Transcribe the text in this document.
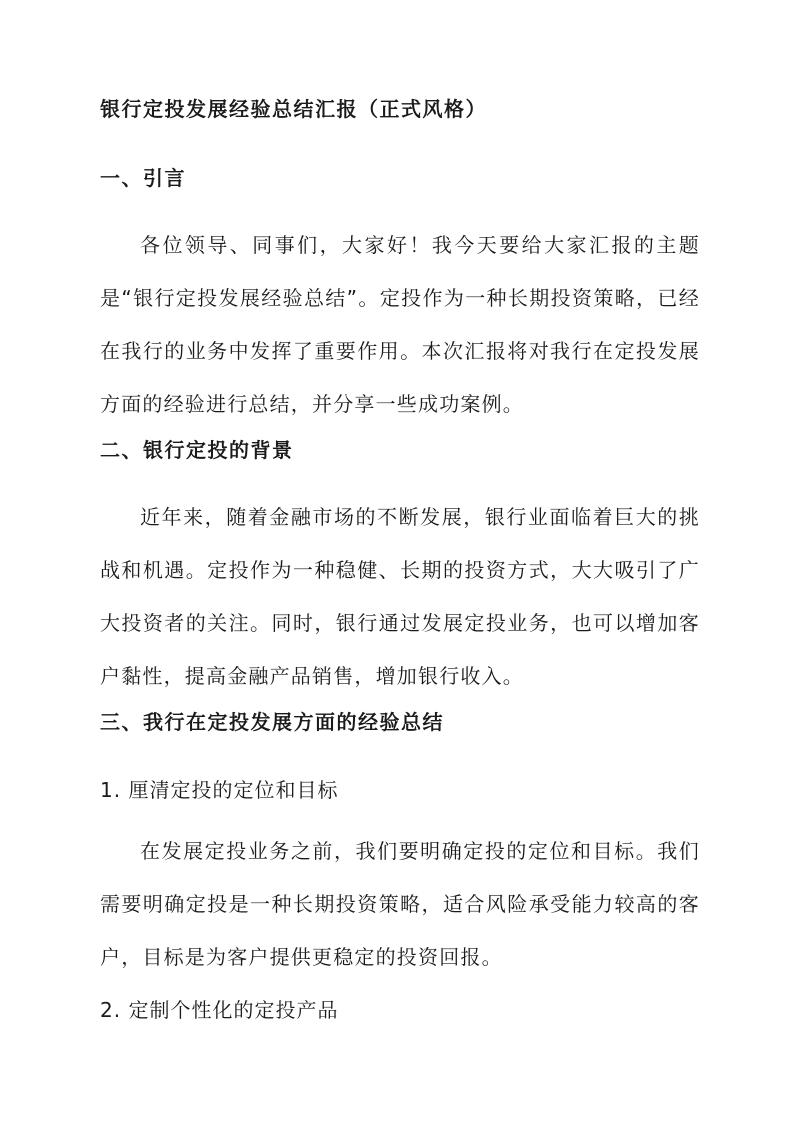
银行定投发展经验总结汇报（正式风格）
一、引言

各位领导、同事们，大家好！我今天要给大家汇报的主题是“银行定投发展经验总结”。定投作为一种长期投资策略，已经在我行的业务中发挥了重要作用。本次汇报将对我行在定投发展方面的经验进行总结，并分享一些成功案例。

二、银行定投的背景

近年来，随着金融市场的不断发展，银行业面临着巨大的挑战和机遇。定投作为一种稳健、长期的投资方式，大大吸引了广大投资者的关注。同时，银行通过发展定投业务，也可以增加客户黏性，提高金融产品销售，增加银行收入。

三、我行在定投发展方面的经验总结
1. 厘清定投的定位和目标

在发展定投业务之前，我们要明确定投的定位和目标。我们需要明确定投是一种长期投资策略，适合风险承受能力较高的客户，目标是为客户提供更稳定的投资回报。

2. 定制个性化的定投产品
